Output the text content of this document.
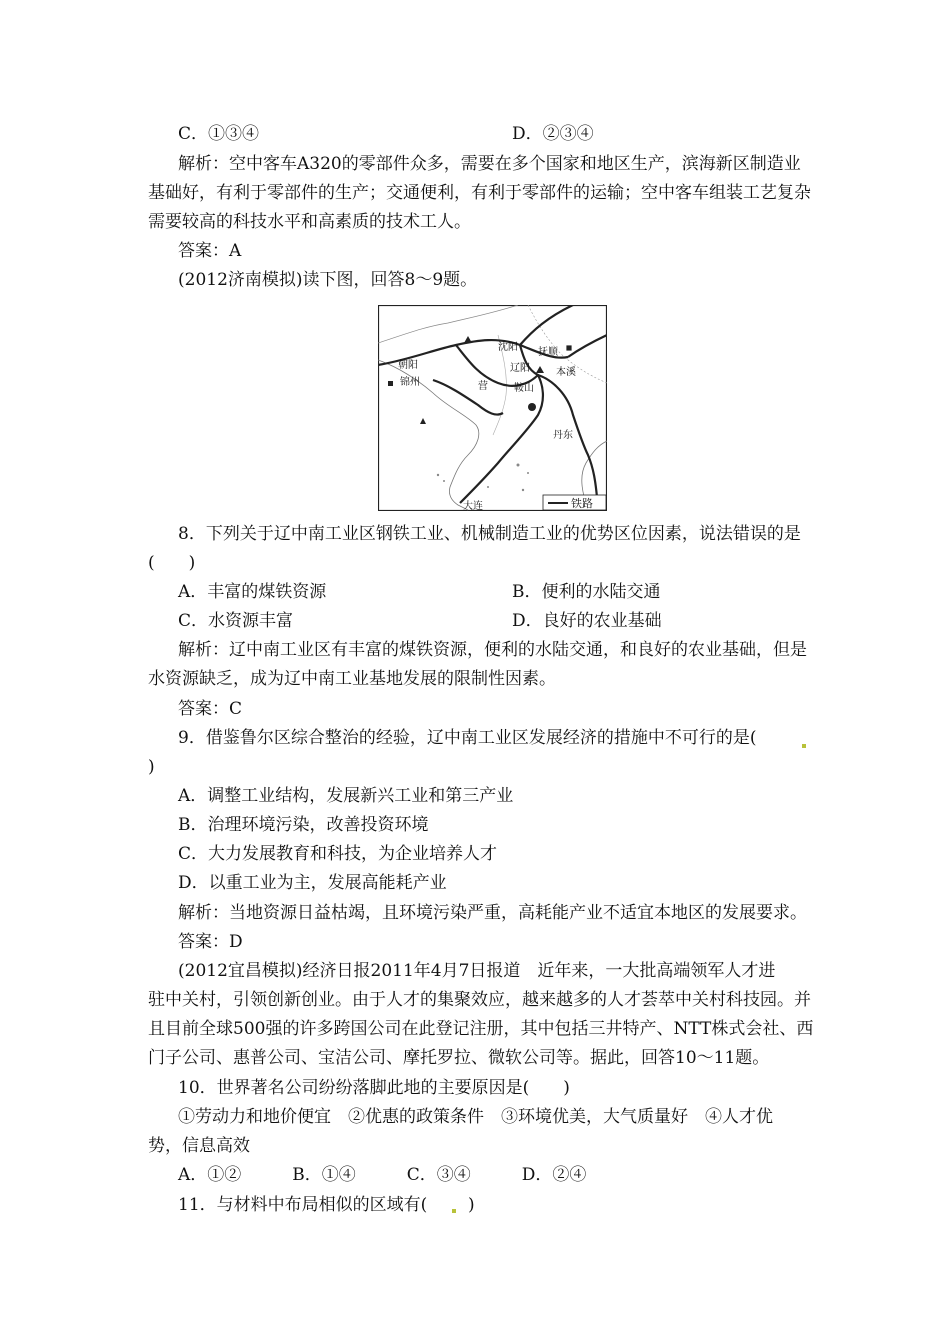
C．①③④	D．②③④
解析：空中客车A320的零部件众多，需要在多个国家和地区生产，滨海新区制造业
基础好，有利于零部件的生产；交通便利，有利于零部件的运输；空中客车组装工艺复杂
需要较高的科技水平和高素质的技术工人。
答案：A
(2012济南模拟)读下图，回答8～9题。
铁路
沈阳 抚顺
朝阳
锦州
辽阳	本溪
鞍山
营
丹东
大连
8．下列关于辽中南工业区钢铁工业、机械制造工业的优势区位因素，说法错误的是
(　　)
A．丰富的煤铁资源	B．便利的水陆交通
C．水资源丰富	D．良好的农业基础
解析：辽中南工业区有丰富的煤铁资源，便利的水陆交通，和良好的农业基础，但是
水资源缺乏，成为辽中南工业基地发展的限制性因素。
答案：C
9．借鉴鲁尔区综合整治的经验，辽中南工业区发展经济的措施中不可行的是(
)
A．调整工业结构，发展新兴工业和第三产业
B．治理环境污染，改善投资环境
C．大力发展教育和科技，为企业培养人才
D．以重工业为主，发展高能耗产业
解析：当地资源日益枯竭，且环境污染严重，高耗能产业不适宜本地区的发展要求。
答案：D
(2012宜昌模拟)经济日报2011年4月7日报道　近年来，一大批高端领军人才进
驻中关村，引领创新创业。由于人才的集聚效应，越来越多的人才荟萃中关村科技园。并
且目前全球500强的许多跨国公司在此登记注册，其中包括三井特产、NTT株式会社、西
门子公司、惠普公司、宝洁公司、摩托罗拉、微软公司等。据此，回答10～11题。
10．世界著名公司纷纷落脚此地的主要原因是(　　)
①劳动力和地价便宜　②优惠的政策条件　③环境优美，大气质量好　④人才优
势，信息高效
A．①②　　　B．①④　　　C．③④　　　D．②④
11．与材料中布局相似的区域有( )
